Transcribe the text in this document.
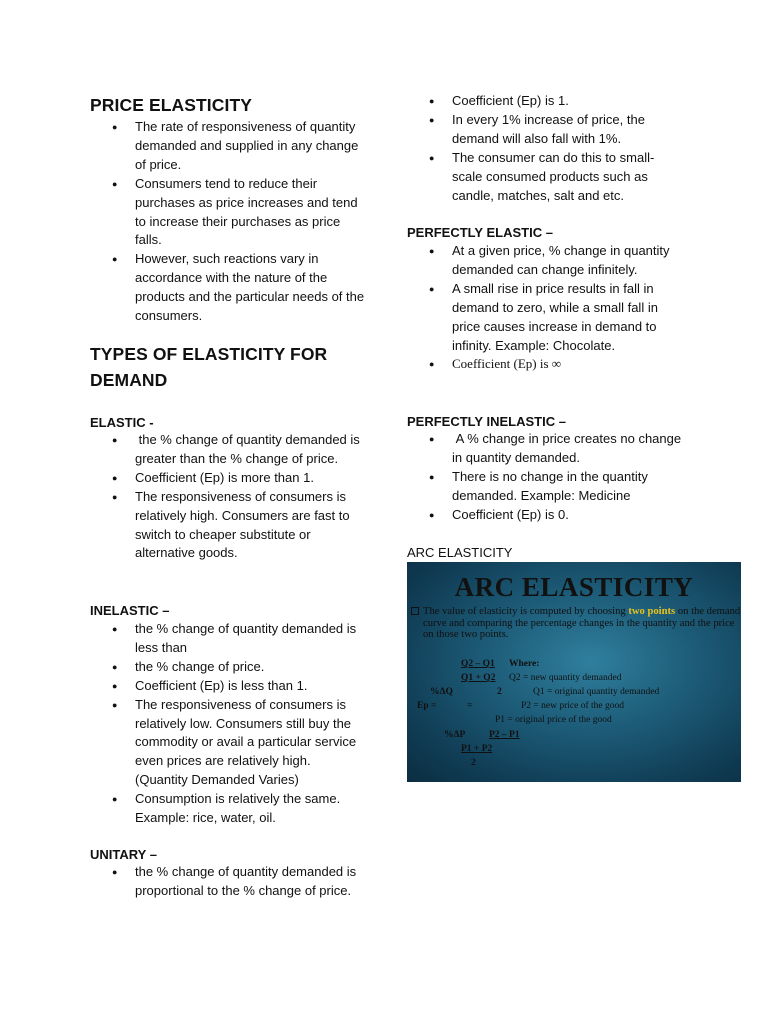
PRICE ELASTICITY
● The rate of responsiveness of quantity demanded and supplied in any change of price.
● Consumers tend to reduce their purchases as price increases and tend to increase their purchases as price falls.
● However, such reactions vary in accordance with the nature of the products and the particular needs of the consumers.
TYPES OF ELASTICITY FOR DEMAND
ELASTIC -
● the % change of quantity demanded is greater than the % change of price.
● Coefficient (Ep) is more than 1.
● The responsiveness of consumers is relatively high. Consumers are fast to switch to cheaper substitute or alternative goods.
INELASTIC –
● the % change of quantity demanded is less than
● the % change of price.
● Coefficient (Ep) is less than 1.
● The responsiveness of consumers is relatively low. Consumers still buy the commodity or avail a particular service even prices are relatively high. (Quantity Demanded Varies)
● Consumption is relatively the same. Example: rice, water, oil.
UNITARY –
● the % change of quantity demanded is proportional to the % change of price.
● Coefficient (Ep) is 1.
● In every 1% increase of price, the demand will also fall with 1%.
● The consumer can do this to small-scale consumed products such as candle, matches, salt and etc.
PERFECTLY ELASTIC –
● At a given price, % change in quantity demanded can change infinitely.
● A small rise in price results in fall in demand to zero, while a small fall in price causes increase in demand to infinity. Example: Chocolate.
● Coefficient (Ep) is ∞
PERFECTLY INELASTIC –
● A % change in price creates no change in quantity demanded.
● There is no change in the quantity demanded. Example: Medicine
● Coefficient (Ep) is 0.
ARC ELASTICITY
ARC ELASTICITY
The value of elasticity is computed by choosing two points on the demand curve and comparing the percentage changes in the quantity and the price on those two points.
Q2 – Q1 Where:
Q1 + Q2 Q2 = new quantity demanded
%ΔQ	2	Q1 = original quantity demanded
Ep =	=	P2 = new price of the good
P1 = original price of the good
%ΔP P2 – P1
P1 + P2
2
